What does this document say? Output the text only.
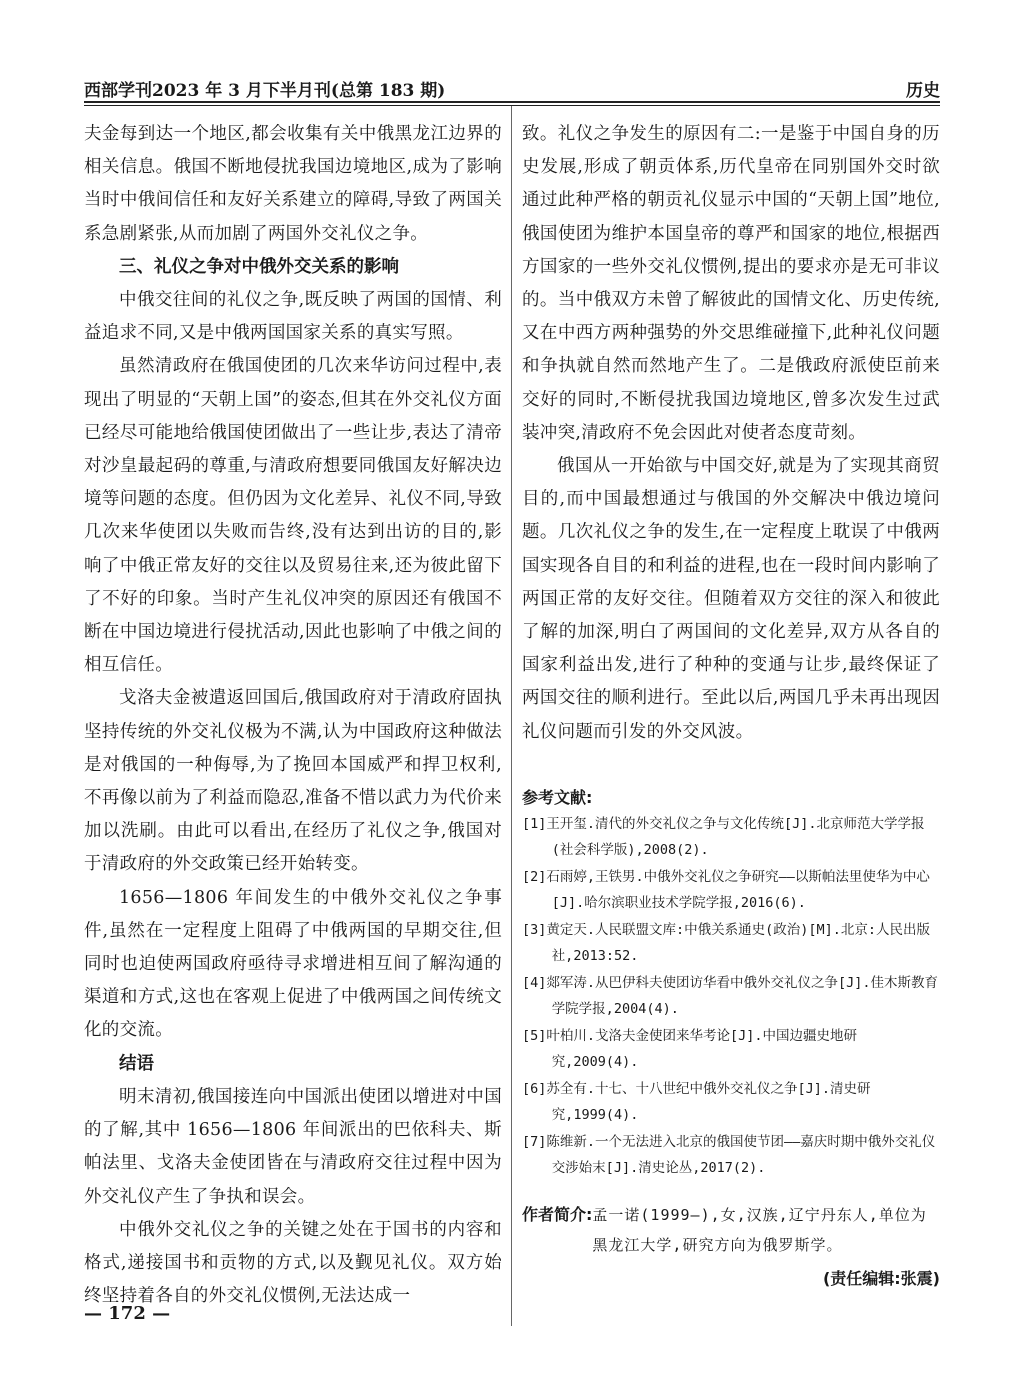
西部学刊2023 年 3 月下半月刊(总第 183 期)	历史

夫金每到达一个地区,都会收集有关中俄黑龙江边界的相关信息。俄国不断地侵扰我国边境地区,成为了影响当时中俄间信任和友好关系建立的障碍,导致了两国关系急剧紧张,从而加剧了两国外交礼仪之争。

三、礼仪之争对中俄外交关系的影响

中俄交往间的礼仪之争,既反映了两国的国情、利益追求不同,又是中俄两国国家关系的真实写照。

虽然清政府在俄国使团的几次来华访问过程中,表现出了明显的“天朝上国”的姿态,但其在外交礼仪方面已经尽可能地给俄国使团做出了一些让步,表达了清帝对沙皇最起码的尊重,与清政府想要同俄国友好解决边境等问题的态度。但仍因为文化差异、礼仪不同,导致几次来华使团以失败而告终,没有达到出访的目的,影响了中俄正常友好的交往以及贸易往来,还为彼此留下了不好的印象。当时产生礼仪冲突的原因还有俄国不断在中国边境进行侵扰活动,因此也影响了中俄之间的相互信任。

戈洛夫金被遣返回国后,俄国政府对于清政府固执坚持传统的外交礼仪极为不满,认为中国政府这种做法是对俄国的一种侮辱,为了挽回本国威严和捍卫权利,不再像以前为了利益而隐忍,准备不惜以武力为代价来加以洗刷。由此可以看出,在经历了礼仪之争,俄国对于清政府的外交政策已经开始转变。

1656—1806 年间发生的中俄外交礼仪之争事件,虽然在一定程度上阻碍了中俄两国的早期交往,但同时也迫使两国政府亟待寻求增进相互间了解沟通的渠道和方式,这也在客观上促进了中俄两国之间传统文化的交流。

结语

明末清初,俄国接连向中国派出使团以增进对中国的了解,其中 1656—1806 年间派出的巴依科夫、斯帕法里、戈洛夫金使团皆在与清政府交往过程中因为外交礼仪产生了争执和误会。

中俄外交礼仪之争的关键之处在于国书的内容和格式,递接国书和贡物的方式,以及觐见礼仪。双方始终坚持着各自的外交礼仪惯例,无法达成一

致。礼仪之争发生的原因有二:一是鉴于中国自身的历史发展,形成了朝贡体系,历代皇帝在同别国外交时欲通过此种严格的朝贡礼仪显示中国的“天朝上国”地位,俄国使团为维护本国皇帝的尊严和国家的地位,根据西方国家的一些外交礼仪惯例,提出的要求亦是无可非议的。当中俄双方未曾了解彼此的国情文化、历史传统,又在中西方两种强势的外交思维碰撞下,此种礼仪问题和争执就自然而然地产生了。二是俄政府派使臣前来交好的同时,不断侵扰我国边境地区,曾多次发生过武装冲突,清政府不免会因此对使者态度苛刻。

俄国从一开始欲与中国交好,就是为了实现其商贸目的,而中国最想通过与俄国的外交解决中俄边境问题。几次礼仪之争的发生,在一定程度上耽误了中俄两国实现各自目的和利益的进程,也在一段时间内影响了两国正常的友好交往。但随着双方交往的深入和彼此了解的加深,明白了两国间的文化差异,双方从各自的国家利益出发,进行了种种的变通与让步,最终保证了两国交往的顺利进行。至此以后,两国几乎未再出现因礼仪问题而引发的外交风波。

参考文献:

[1]王开玺.清代的外交礼仪之争与文化传统[J].北京师范大学学报(社会科学版),2008(2).

[2]石雨婷,王铁男.中俄外交礼仪之争研究——以斯帕法里使华为中心[J].哈尔滨职业技术学院学报,2016(6).

[3]黄定天.人民联盟文库:中俄关系通史(政治)[M].北京:人民出版社,2013:52.

[4]郯军涛.从巴伊科夫使团访华看中俄外交礼仪之争[J].佳木斯教育学院学报,2004(4).

[5]叶柏川.戈洛夫金使团来华考论[J].中国边疆史地研究,2009(4).

[6]苏全有.十七、十八世纪中俄外交礼仪之争[J].清史研究,1999(4).

[7]陈维新.一个无法进入北京的俄国使节团——嘉庆时期中俄外交礼仪交涉始末[J].清史论丛,2017(2).

作者简介: 孟一诺(1999—),女,汉族,辽宁丹东人,单位为黑龙江大学,研究方向为俄罗斯学。
(责任编辑:张震)
— 172 —
